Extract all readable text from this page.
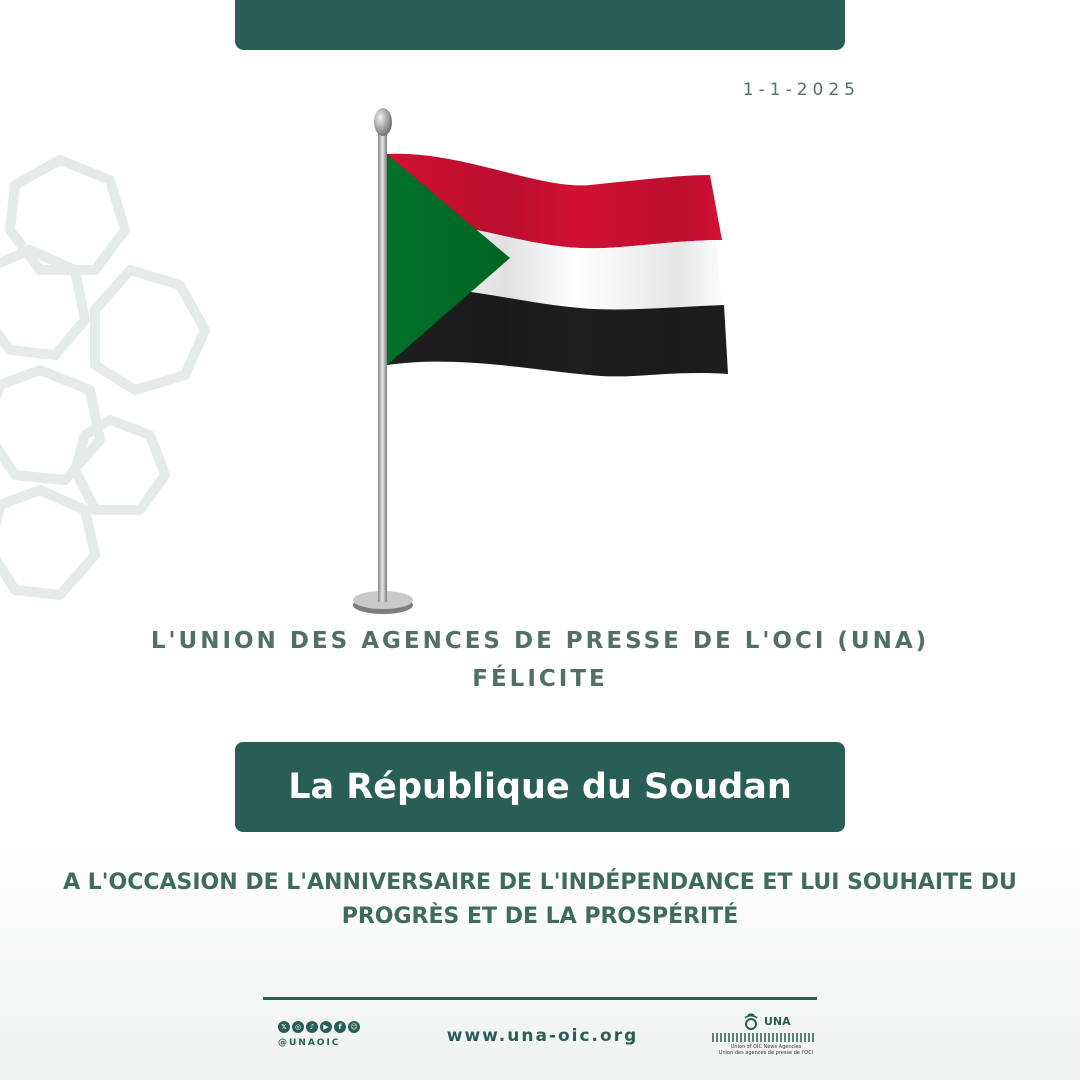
1-1-2025
L'UNION DES AGENCES DE PRESSE DE L'OCI (UNA)
FÉLICITE
La République du Soudan
A L'OCCASION DE L'ANNIVERSAIRE DE L'INDÉPENDANCE ET LUI SOUHAITE DU PROGRÈS ET DE LA PROSPÉRITÉ
𝕏	◎	♪	▶	f	☺
@UNAOIC	www.una-oic.org
UNA
Union of OIC News Agencies
Union des agences de presse de l'OCI
